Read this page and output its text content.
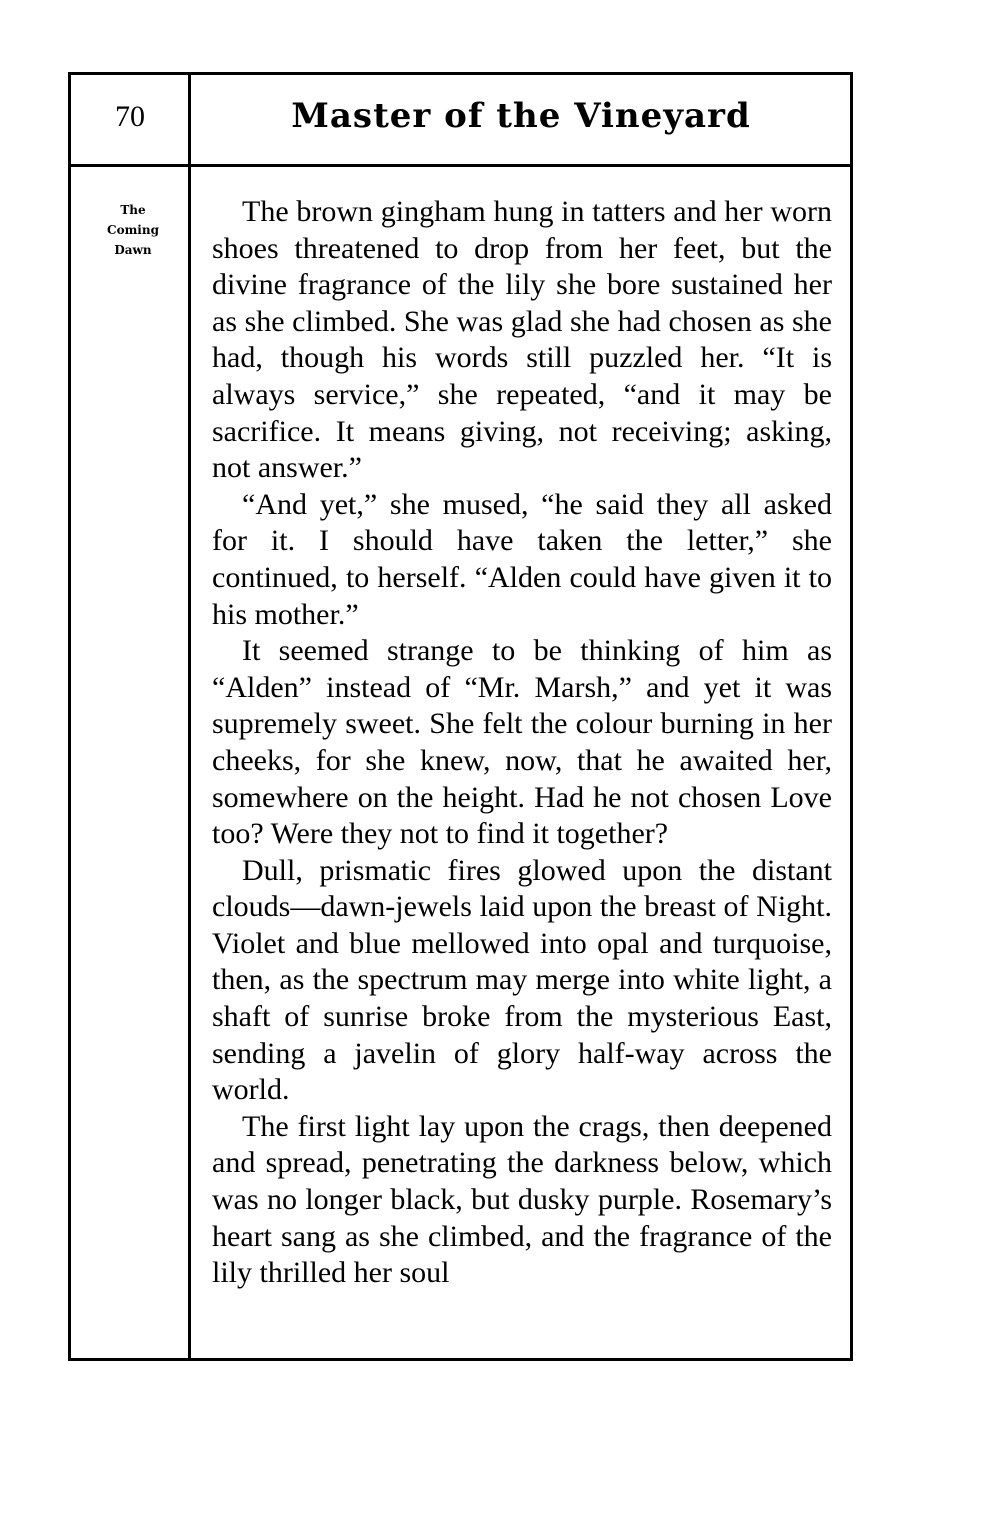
70	Master of the Vineyard
The
Coming
Dawn

The brown gingham hung in tatters and her worn shoes threatened to drop from her feet, but the divine fragrance of the lily she bore sustained her as she climbed. She was glad she had chosen as she had, though his words still puzzled her. “It is always service,” she repeated, “and it may be sacrifice. It means giving, not receiving; asking, not answer.”

“And yet,” she mused, “he said they all asked for it. I should have taken the letter,” she continued, to herself. “Alden could have given it to his mother.”

It seemed strange to be thinking of him as “Alden” instead of “Mr. Marsh,” and yet it was supremely sweet. She felt the colour burning in her cheeks, for she knew, now, that he awaited her, somewhere on the height. Had he not chosen Love too? Were they not to find it together?

Dull, prismatic fires glowed upon the distant clouds—dawn-jewels laid upon the breast of Night. Violet and blue mellowed into opal and turquoise, then, as the spectrum may merge into white light, a shaft of sunrise broke from the mysterious East, sending a javelin of glory half-way across the world.

The first light lay upon the crags, then deepened and spread, penetrating the darkness below, which was no longer black, but dusky purple. Rosemary’s heart sang as she climbed, and the fragrance of the lily thrilled her soul
